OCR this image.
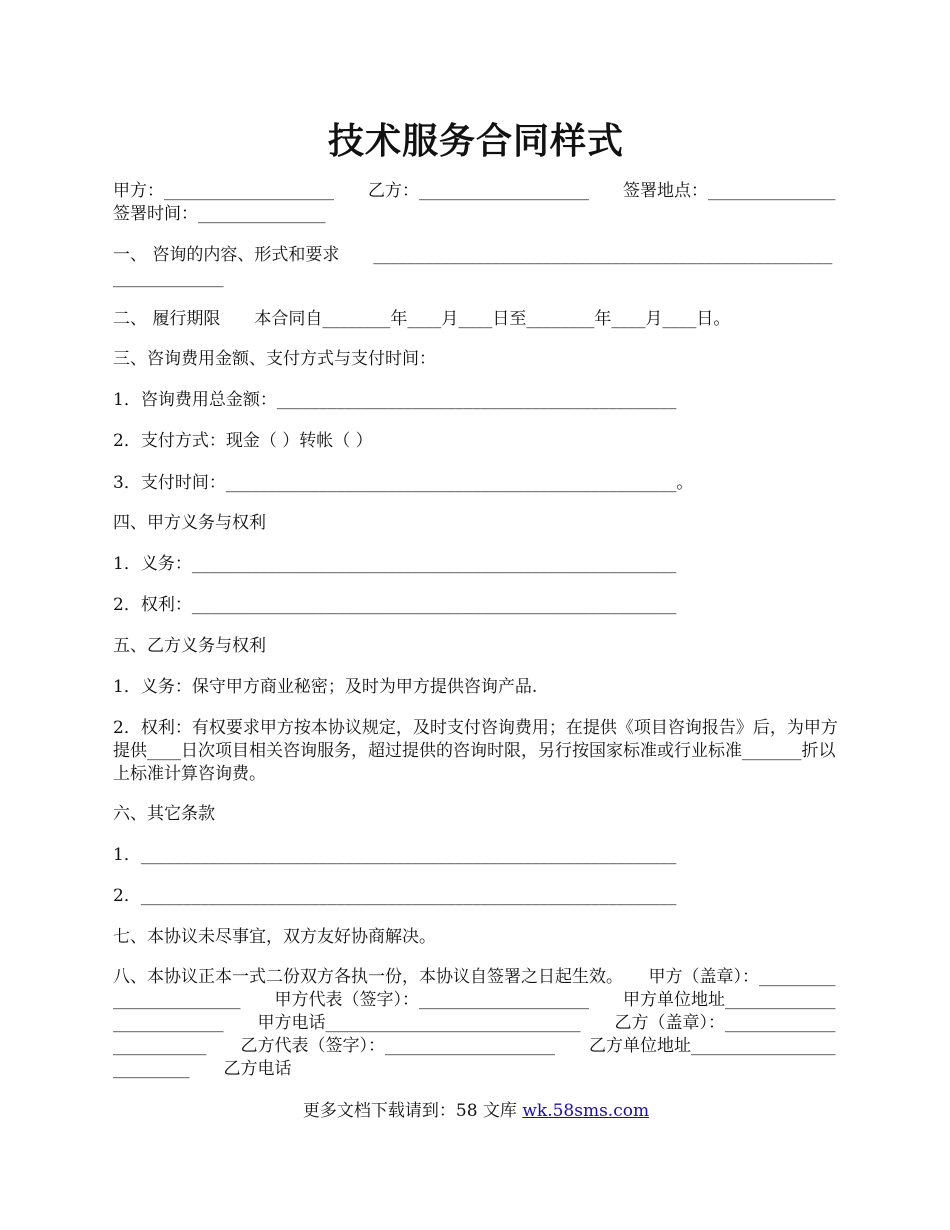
技术服务合同样式
甲方：____________________　　乙方：____________________　　签署地点：_______________　　签署时间：_______________
一、 咨询的内容、形式和要求　　___________________________________________________________________
二、 履行期限　　本合同自________年____月____日至________年____月____日。
三、咨询费用金额、支付方式与支付时间：
1．咨询费用总金额：_______________________________________________
2．支付方式：现金（ ）转帐（ ）
3．支付时间：_____________________________________________________。
四、甲方义务与权利
1．义务：_________________________________________________________
2．权利：_________________________________________________________
五、乙方义务与权利
1．义务：保守甲方商业秘密；及时为甲方提供咨询产品.
2．权利：有权要求甲方按本协议规定，及时支付咨询费用；在提供《项目咨询报告》后，为甲方提供____日次项目相关咨询服务，超过提供的咨询时限，另行按国家标准或行业标准_______折以上标准计算咨询费。
六、其它条款
1．_______________________________________________________________
2．_______________________________________________________________
七、本协议未尽事宜，双方友好协商解决。
八、本协议正本一式二份双方各执一份，本协议自签署之日起生效。　　甲方（盖章）：________________________　　甲方代表（签字）：____________________　　甲方单位地址__________________________　　甲方电话______________________________　　乙方（盖章）：________________________　　乙方代表（签字）：____________________　　乙方单位地址__________________________　　乙方电话
更多文档下载请到：58 文库 wk.58sms.com
